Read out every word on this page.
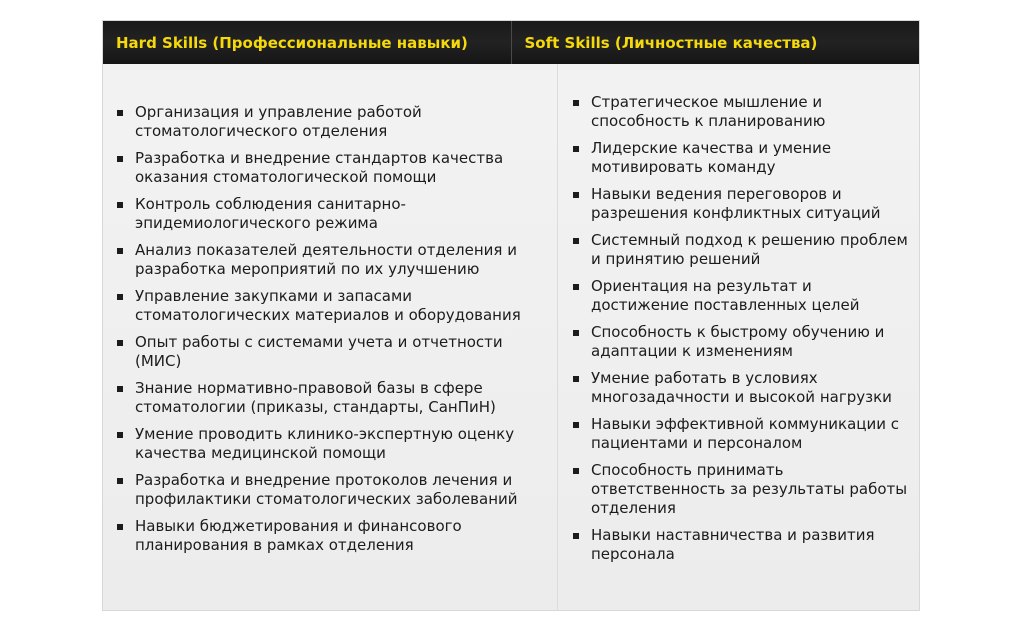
Hard Skills (Профессиональные навыки)	Soft Skills (Личностные качества)
Организация и управление работой стоматологического отделения
Разработка и внедрение стандартов качества оказания стоматологической помощи
Контроль соблюдения санитарно-эпидемиологического режима
Анализ показателей деятельности отделения и разработка мероприятий по их улучшению
Управление закупками и запасами стоматологических материалов и оборудования
Опыт работы с системами учета и отчетности (МИС)
Знание нормативно-правовой базы в сфере стоматологии (приказы, стандарты, СанПиН)
Умение проводить клинико-экспертную оценку качества медицинской помощи
Разработка и внедрение протоколов лечения и профилактики стоматологических заболеваний
Навыки бюджетирования и финансового планирования в рамках отделения
Стратегическое мышление и способность к планированию
Лидерские качества и умение мотивировать команду
Навыки ведения переговоров и разрешения конфликтных ситуаций
Системный подход к решению проблем и принятию решений
Ориентация на результат и достижение поставленных целей
Способность к быстрому обучению и адаптации к изменениям
Умение работать в условиях многозадачности и высокой нагрузки
Навыки эффективной коммуникации с пациентами и персоналом
Способность принимать ответственность за результаты работы отделения
Навыки наставничества и развития персонала
